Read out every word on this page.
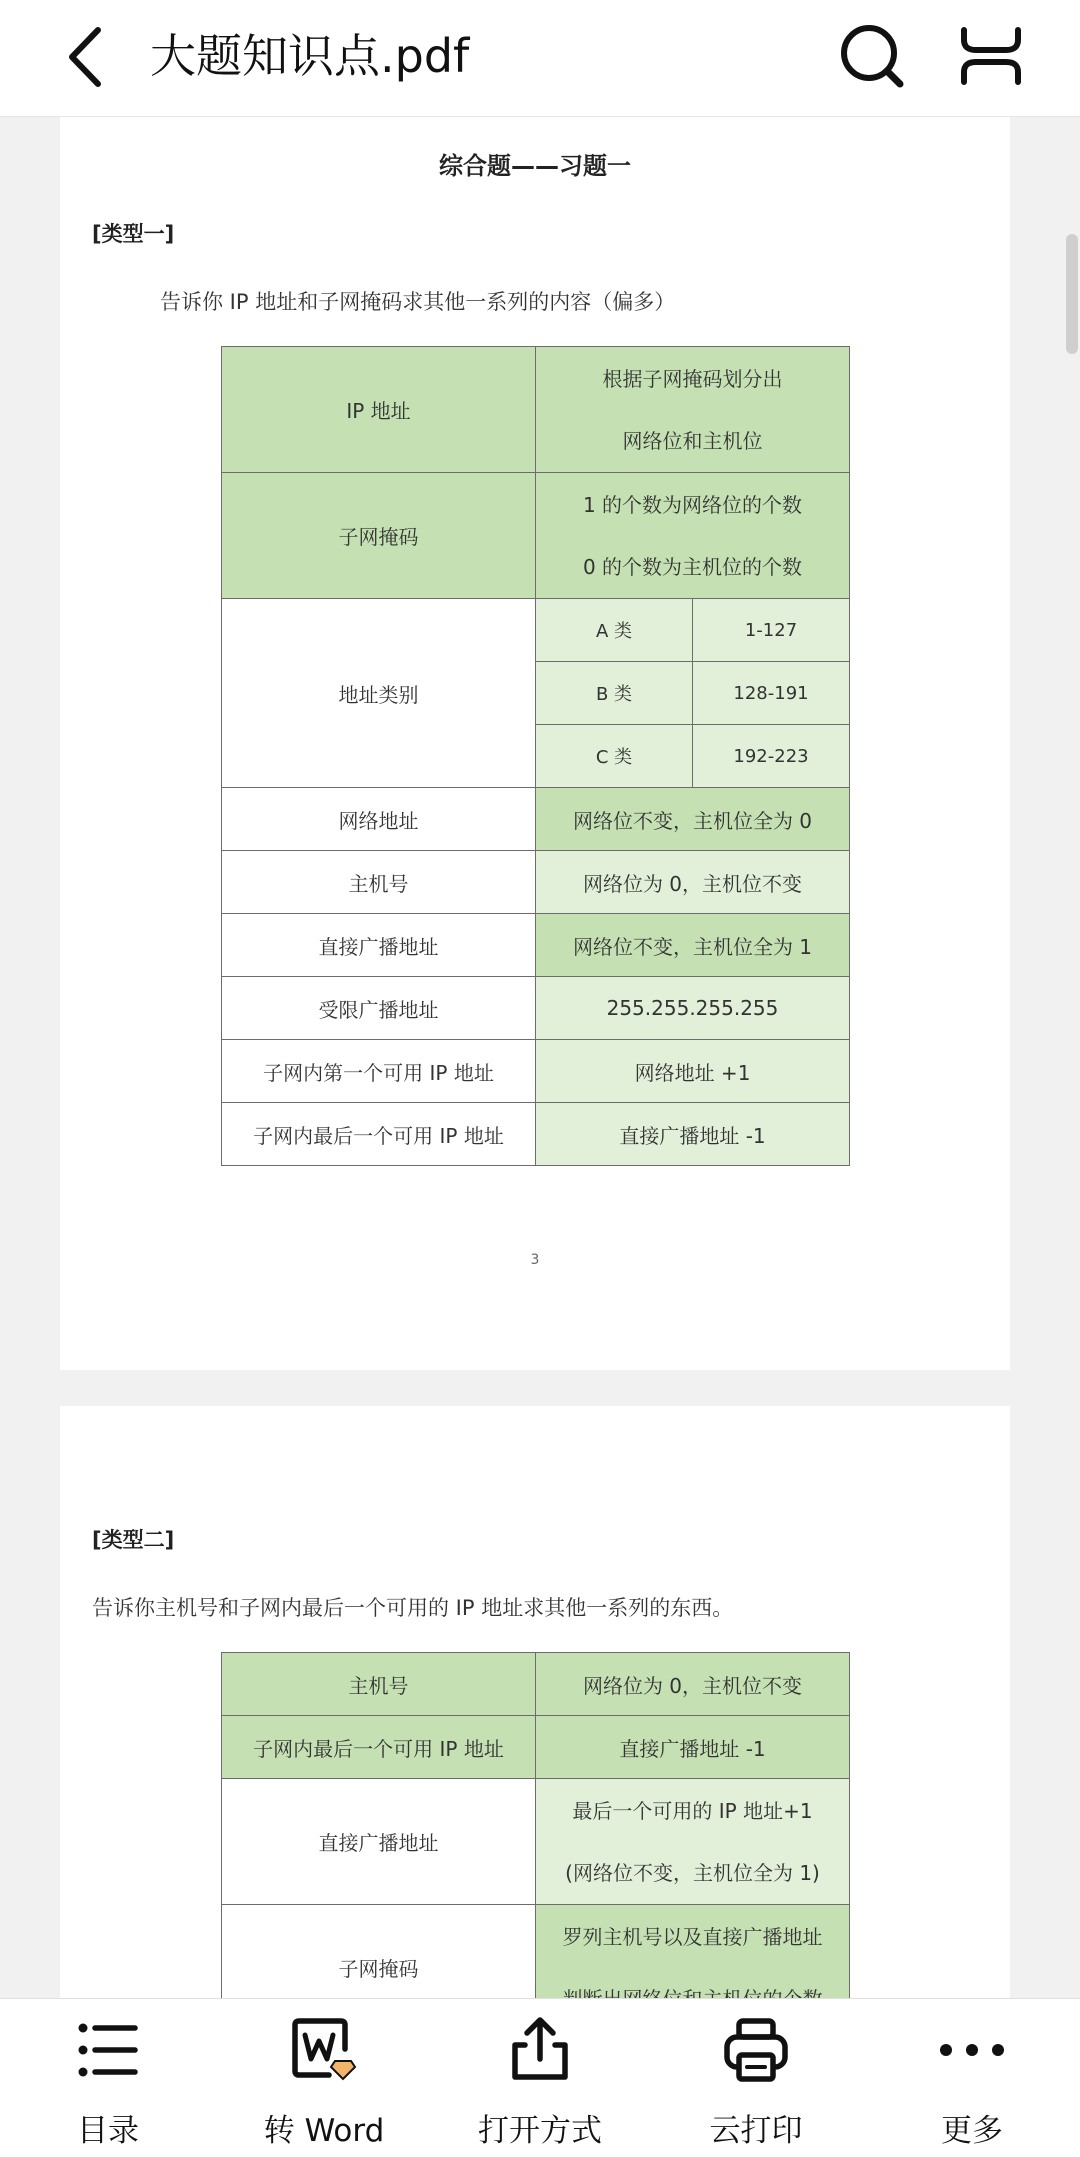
大题知识点.pdf
综合题——习题一
[类型一]
告诉你 IP 地址和子网掩码求其他一系列的内容（偏多）
IP 地址	根据子网掩码划分出
网络位和主机位	

子网掩码	1 的个数为网络位的个数
0 的个数为主机位的个数	

地址类别	A 类	1-127
	B 类	128-191
	C 类	192-223
网络地址	网络位不变，主机位全为 0	
主机号	网络位为 0，主机位不变	
直接广播地址	网络位不变，主机位全为 1	
受限广播地址	255.255.255.255	
子网内第一个可用 IP 地址	网络地址 +1	
子网内最后一个可用 IP 地址	直接广播地址 -1	
3
[类型二]
告诉你主机号和子网内最后一个可用的 IP 地址求其他一系列的东西。
主机号	网络位为 0，主机位不变
子网内最后一个可用 IP 地址	直接广播地址 -1
直接广播地址	最后一个可用的 IP 地址+1
(网络位不变，主机位全为 1)

子网掩码	罗列主机号以及直接广播地址
目录	转 Word	打开方式	云打印	更多
